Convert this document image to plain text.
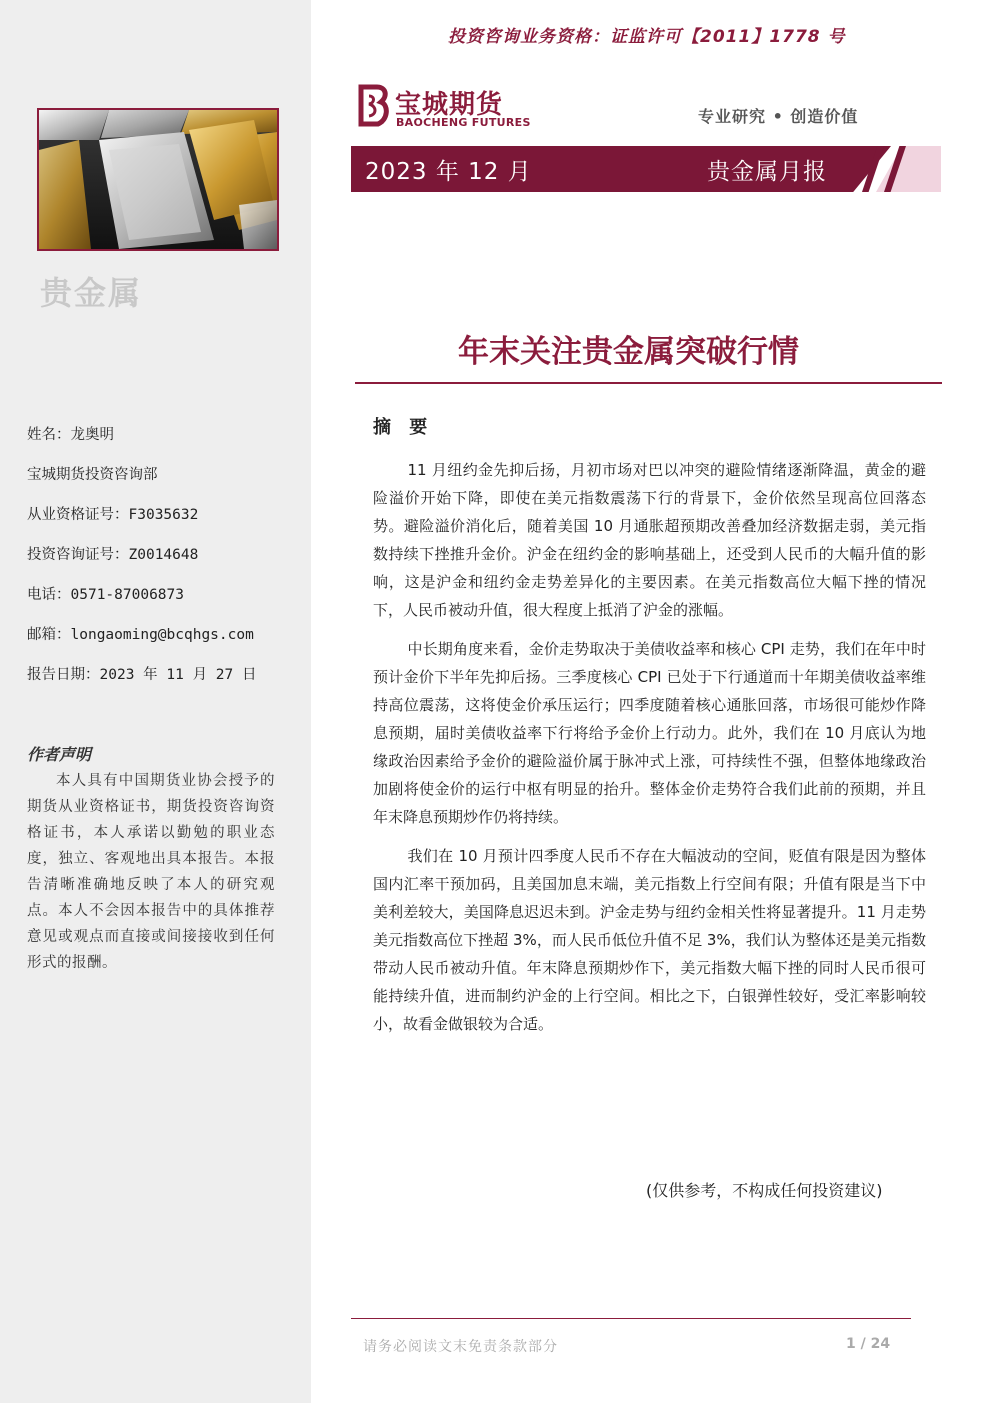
贵金属
姓名：龙奥明
宝城期货投资咨询部
从业资格证号：F3035632
投资咨询证号：Z0014648
电话：0571-87006873
邮箱：longaoming@bcqhgs.com
报告日期：2023 年 11 月 27 日
作者声明
本人具有中国期货业协会授予的期货从业资格证书，期货投资咨询资格证书，本人承诺以勤勉的职业态度，独立、客观地出具本报告。本报告清晰准确地反映了本人的研究观点。本人不会因本报告中的具体推荐意见或观点而直接或间接接收到任何形式的报酬。
投资咨询业务资格：证监许可【2011】1778 号
宝城期货
BAOCHENG FUTURES	专业研究 • 创造价值
2023 年 12 月	贵金属月报
年末关注贵金属突破行情
摘 要

11 月纽约金先抑后扬，月初市场对巴以冲突的避险情绪逐渐降温，黄金的避险溢价开始下降，即使在美元指数震荡下行的背景下，金价依然呈现高位回落态势。避险溢价消化后，随着美国 10 月通胀超预期改善叠加经济数据走弱，美元指数持续下挫推升金价。沪金在纽约金的影响基础上，还受到人民币的大幅升值的影响，这是沪金和纽约金走势差异化的主要因素。在美元指数高位大幅下挫的情况下，人民币被动升值，很大程度上抵消了沪金的涨幅。

中长期角度来看，金价走势取决于美债收益率和核心 CPI 走势，我们在年中时预计金价下半年先抑后扬。三季度核心 CPI 已处于下行通道而十年期美债收益率维持高位震荡，这将使金价承压运行；四季度随着核心通胀回落，市场很可能炒作降息预期，届时美债收益率下行将给予金价上行动力。此外，我们在 10 月底认为地缘政治因素给予金价的避险溢价属于脉冲式上涨，可持续性不强，但整体地缘政治加剧将使金价的运行中枢有明显的抬升。整体金价走势符合我们此前的预期，并且年末降息预期炒作仍将持续。

我们在 10 月预计四季度人民币不存在大幅波动的空间，贬值有限是因为整体国内汇率干预加码，且美国加息末端，美元指数上行空间有限；升值有限是当下中美利差较大，美国降息迟迟未到。沪金走势与纽约金相关性将显著提升。11 月走势美元指数高位下挫超 3%，而人民币低位升值不足 3%，我们认为整体还是美元指数带动人民币被动升值。年末降息预期炒作下，美元指数大幅下挫的同时人民币很可能持续升值，进而制约沪金的上行空间。相比之下，白银弹性较好，受汇率影响较小，故看金做银较为合适。

(仅供参考，不构成任何投资建议)
请务必阅读文末免责条款部分	1 / 24
